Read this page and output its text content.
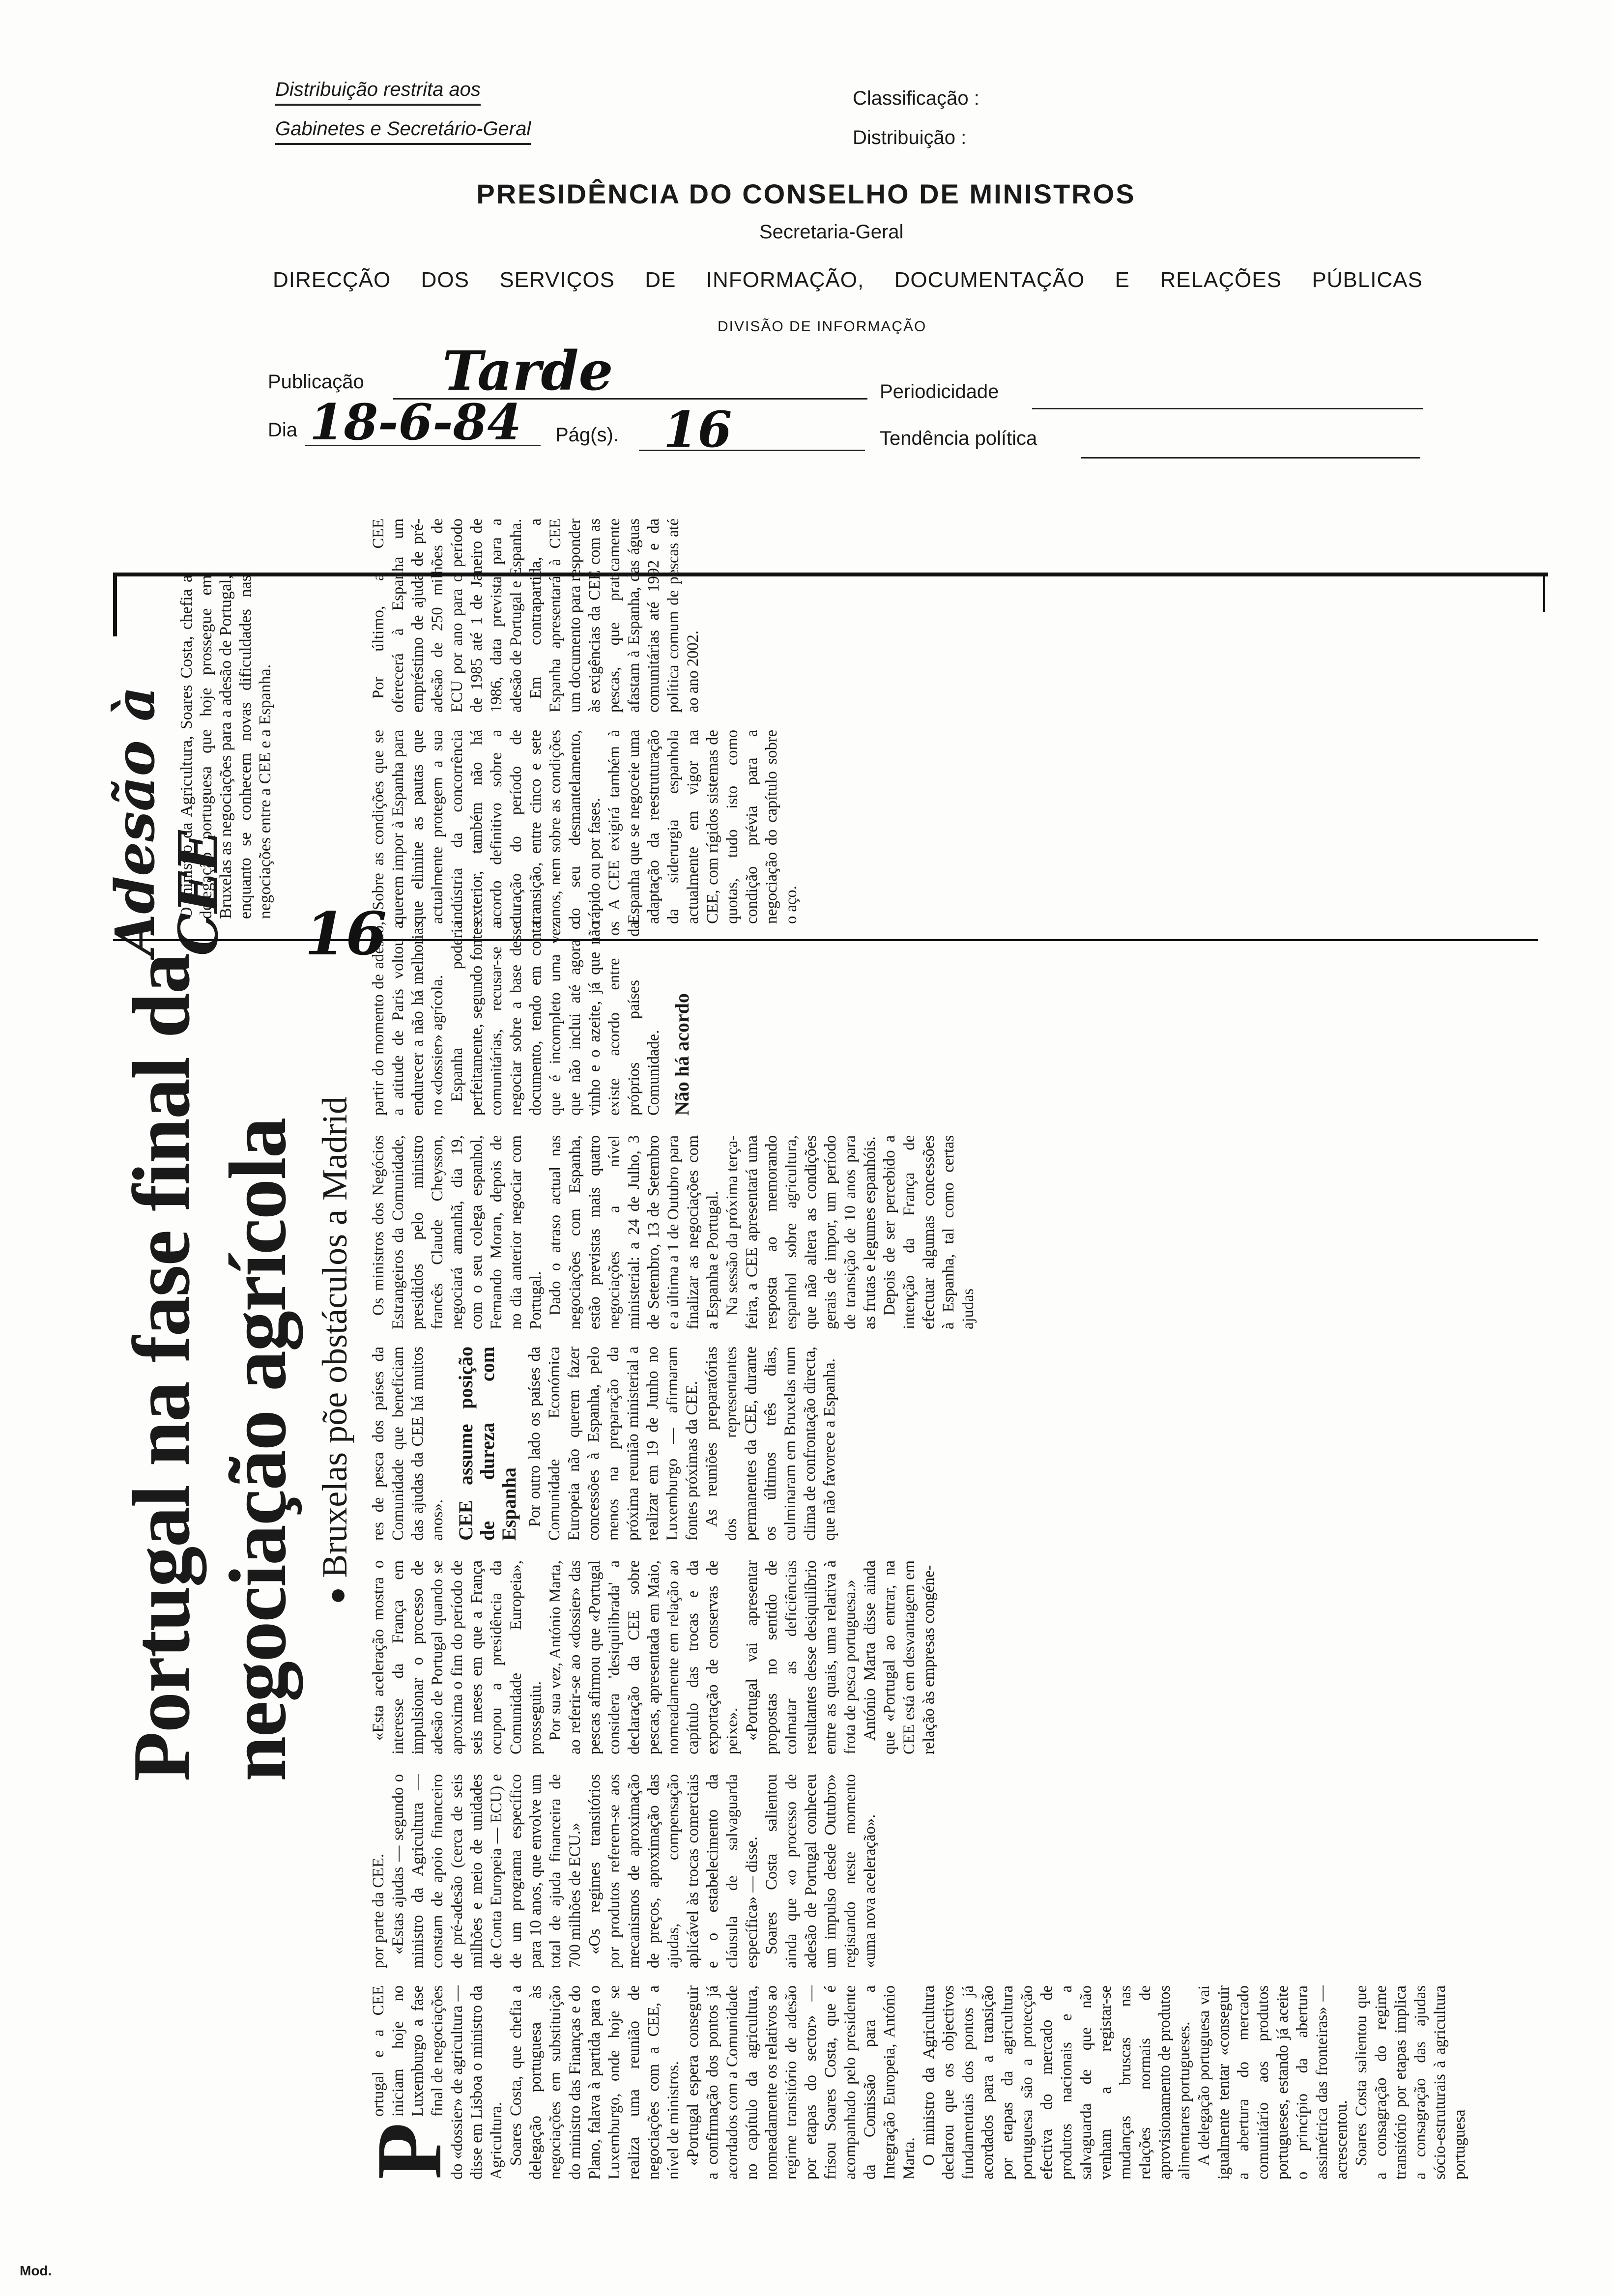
Distribuição restrita aos
Gabinetes e Secretário-Geral
Classificação :
Distribuição :
PRESIDÊNCIA DO CONSELHO DE MINISTROS
Secretaria-Geral
DIRECÇÃO DOS SERVIÇOS DE INFORMAÇÃO, DOCUMENTAÇÃO E RELAÇÕES PÚBLICAS
DIVISÃO DE INFORMAÇÃO
Publicação Tarde	Periodicidade
Dia 18-6-84 Pág(s). 16	Tendência política
Portugal na fase final da negociação agrícola ●Bruxelas põe obstáculos a Madrid
Adesão à CEE

O ministro da Agricultura, Soares Costa, chefia a delegação portuguesa que hoje prossegue em Bruxelas as negociações para a adesão de Portugal, enquanto se conhecem novas dificuldades nas negociações entre a CEE e a Espanha.

P
ortugal e a CEE iniciam hoje no Luxemburgo a fase final de negociações do «dossier» de agricultura — disse em Lisboa o ministro da Agricultura. Soares Costa, que chefia a delegação portuguesa às negociações em substituição do ministro das Finanças e do Plano, falava à partida para o Luxemburgo, onde hoje se realiza uma reunião de negociações com a CEE, a nível de ministros. «Portugal espera conseguir a confirmação dos pontos já acordados com a Comunidade no capítulo da agricultura, nomeadamente os relativos ao regime transitório de adesão por etapas do sector» — frisou Soares Costa, que é acompanhado pelo presidente da Comissão para a Integração Europeia, António Marta. O ministro da Agricultura declarou que os objectivos fundamentais dos pontos já acordados para a transição por etapas da agricultura portuguesa são a protecção efectiva do mercado de produtos nacionais e a salvaguarda de que não venham a registar-se mudanças bruscas nas relações normais de aprovisionamento de produtos alimentares portugueses. A delegação portuguesa vai igualmente tentar «conseguir a abertura do mercado comunitário aos produtos portugueses, estando já aceite o princípio da abertura assimétrica das fronteiras» — acrescentou. Soares Costa salientou que a consagração do regime transitório por etapas implica a consagração das ajudas sócio-estruturais à agricultura portuguesa

por parte da CEE. «Estas ajudas — segundo o ministro da Agricultura — constam de apoio financeiro de pré-adesão (cerca de seis milhões e meio de unidades de Conta Europeia — ECU) e de um programa específico para 10 anos, que envolve um total de ajuda financeira de 700 milhões de ECU.» «Os regimes transitórios por produtos referem-se aos mecanismos de aproximação de preços, aproximação das ajudas, compensação aplicável às trocas comerciais e o estabelecimento da cláusula de salvaguarda específica» — disse. Soares Costa salientou ainda que «o processo de adesão de Portugal conheceu um impulso desde Outubro» registando neste momento «uma nova aceleração».

«Esta aceleração mostra o interesse da França em impulsionar o processo de adesão de Portugal quando se aproxima o fim do período de seis meses em que a França ocupou a presidência da Comunidade Europeia», prosseguiu. Por sua vez, António Marta, ao referir-se ao «dossier» das pescas afirmou que «Portugal considera 'desiquilibrada' a declaração da CEE sobre pescas, apresentada em Maio, nomeadamente em relação ao capítulo das trocas e da exportação de conservas de peixe». «Portugal vai apresentar propostas no sentido de colmatar as deficiências resultantes desse desiquilíbrio entre as quais, uma relativa à frota de pesca portuguesa.» António Marta disse ainda que «Portugal ao entrar, na CEE está em desvantagem em relação às empresas congéne-

res de pesca dos países da Comunidade que beneficiam das ajudas da CEE há muitos anos». CEE assume posição de dureza com Espanha Por outro lado os países da Comunidade Económica Europeia não querem fazer concessões à Espanha, pelo menos na preparação da próxima reunião ministerial a realizar em 19 de Junho no Luxemburgo — afirmaram fontes próximas da CEE. As reuniões preparatórias dos representantes permanentes da CEE, durante os últimos três dias, culminaram em Bruxelas num clima de confrontação directa, que não favorece a Espanha.

Os ministros dos Negócios Estrangeiros da Comunidade, presididos pelo ministro francês Claude Cheysson, negociará amanhã, dia 19, com o seu colega espanhol, Fernando Moran, depois de no dia anterior negociar com Portugal. Dado o atraso actual nas negociações com Espanha, estão previstas mais quatro negociações a nível ministerial: a 24 de Julho, 3 de Setembro, 13 de Setembro e a última a 1 de Outubro para finalizar as negociações com a Espanha e Portugal. Na sessão da próxima terça-feira, a CEE apresentará uma resposta ao memorando espanhol sobre agricultura, que não altera as condições gerais de impor, um período de transição de 10 anos para as frutas e legumes espanhóis. Depois de ser percebido a intenção da França de efectuar algumas concessões à Espanha, tal como certas ajudas

partir do momento de adesão, a atitude de Paris voltou a endurecer a não há melhorias no «dossier» agrícola. Espanha poderia perfeitamente, segundo fontes comunitárias, recusar-se a negociar sobre a base desse documento, tendo em conta que é incompleto uma vez que não inclui até agora o vinho e o azeite, já que não existe acordo entre os próprios países da Comunidade. Não há acordo

Sobre as condições que se querem impor à Espanha para que elimine as pautas que actualmente protegem a sua indústria da concorrência exterior, também não há acordo definitivo sobre a duração do período de transição, entre cinco e sete anos, nem sobre as condições do seu desmantelamento, rápido ou por fases. A CEE exigirá também à Espanha que se negoceie uma adaptação da reestruturação da siderurgia espanhola actualmente em vigor na CEE, com rígidos sistemas de quotas, tudo isto como condição prévia para a negociação do capítulo sobre o aço.

Por último, a CEE oferecerá à Espanha um empréstimo de ajuda de pré-adesão de 250 milhões de ECU por ano para o período de 1985 até 1 de Janeiro de 1986, data prevista para a adesão de Portugal e Espanha. Em contrapartida, a Espanha apresentará à CEE um documento para responder às exigências da CEE com as pescas, que praticamente afastam à Espanha, das águas comunitárias até 1992 e da política comum de pescas até ao ano 2002.

16
Mod.
